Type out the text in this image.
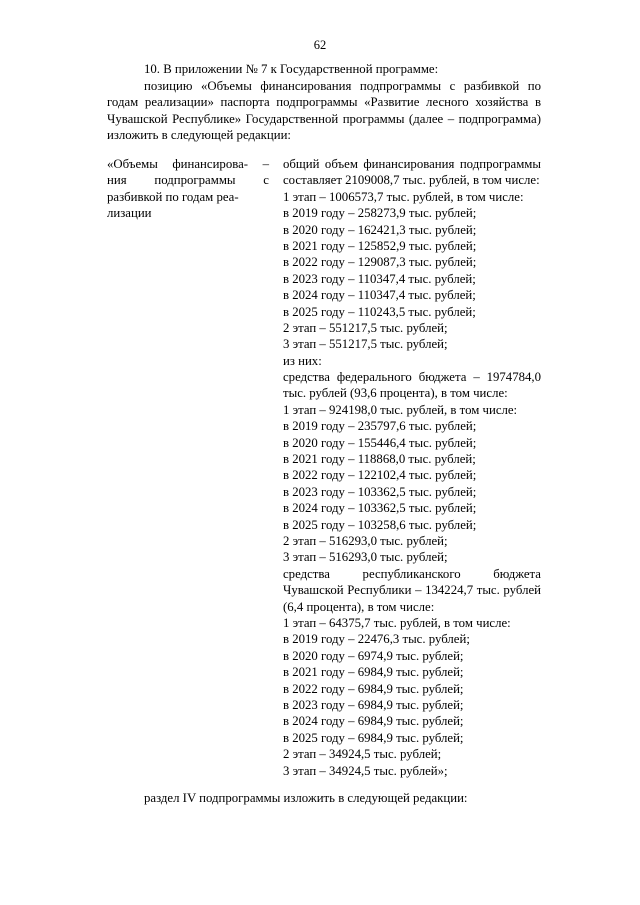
62
10. В приложении № 7 к Государственной программе:
позицию «Объемы финансирования подпрограммы с разбивкой по годам реализации» паспорта подпрограммы «Развитие лесного хозяйства в Чувашской Республике» Государственной программы (далее – подпрограмма) изложить в следующей редакции:
«Объемы финансирова- –
ния подпрограммы с
разбивкой по годам реа-
лизации
общий объем финансирования подпрограммы
составляет 2109008,7 тыс. рублей, в том числе:
1 этап – 1006573,7 тыс. рублей, в том числе:
в 2019 году – 258273,9 тыс. рублей;
в 2020 году – 162421,3 тыс. рублей;
в 2021 году – 125852,9 тыс. рублей;
в 2022 году – 129087,3 тыс. рублей;
в 2023 году – 110347,4 тыс. рублей;
в 2024 году – 110347,4 тыс. рублей;
в 2025 году – 110243,5 тыс. рублей;
2 этап – 551217,5 тыс. рублей;
3 этап – 551217,5 тыс. рублей;
из них:
средства федерального бюджета – 1974784,0 тыс. рублей (93,6 процента), в том числе:
1 этап – 924198,0 тыс. рублей, в том числе:
в 2019 году – 235797,6 тыс. рублей;
в 2020 году – 155446,4 тыс. рублей;
в 2021 году – 118868,0 тыс. рублей;
в 2022 году – 122102,4 тыс. рублей;
в 2023 году – 103362,5 тыс. рублей;
в 2024 году – 103362,5 тыс. рублей;
в 2025 году – 103258,6 тыс. рублей;
2 этап – 516293,0 тыс. рублей;
3 этап – 516293,0 тыс. рублей;
средства республиканского бюджета Чувашской Республики – 134224,7 тыс. рублей (6,4 процента), в том числе:
1 этап – 64375,7 тыс. рублей, в том числе:
в 2019 году – 22476,3 тыс. рублей;
в 2020 году – 6974,9 тыс. рублей;
в 2021 году – 6984,9 тыс. рублей;
в 2022 году – 6984,9 тыс. рублей;
в 2023 году – 6984,9 тыс. рублей;
в 2024 году – 6984,9 тыс. рублей;
в 2025 году – 6984,9 тыс. рублей;
2 этап – 34924,5 тыс. рублей;
3 этап – 34924,5 тыс. рублей»;
раздел IV подпрограммы изложить в следующей редакции:
